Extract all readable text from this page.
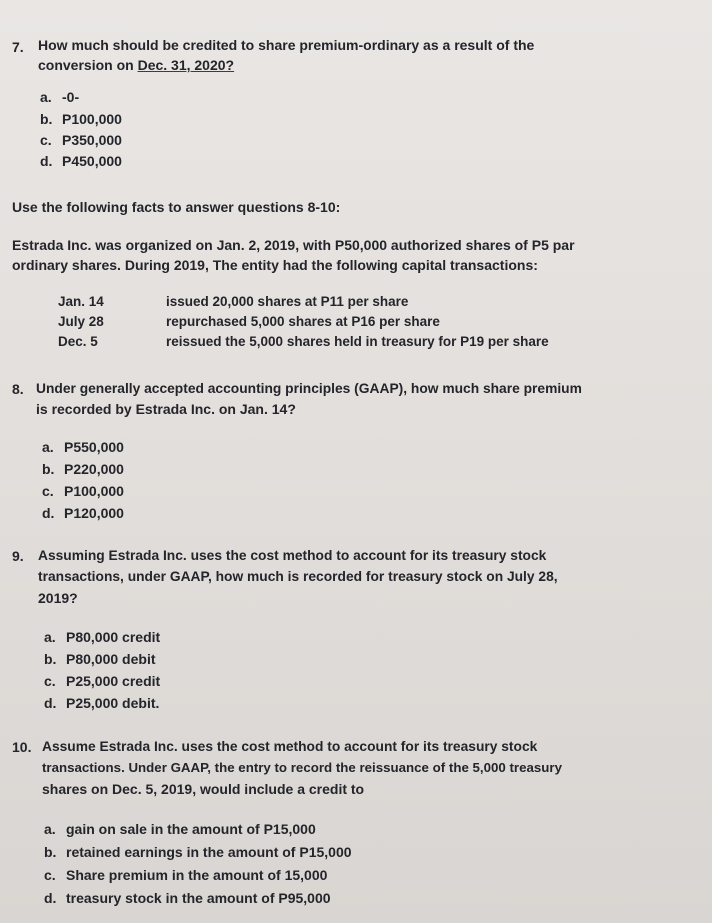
7. How much should be credited to share premium-ordinary as a result of the
conversion on Dec. 31, 2020?
a. -0-
b. P100,000
c. P350,000
d. P450,000
Use the following facts to answer questions 8-10:
Estrada Inc. was organized on Jan. 2, 2019, with P50,000 authorized shares of P5 par
ordinary shares. During 2019, The entity had the following capital transactions:
Jan. 14	issued 20,000 shares at P11 per share
July 28	repurchased 5,000 shares at P16 per share
Dec. 5	reissued the 5,000 shares held in treasury for P19 per share
8. Under generally accepted accounting principles (GAAP), how much share premium
is recorded by Estrada Inc. on Jan. 14?
a. P550,000
b. P220,000
c. P100,000
d. P120,000
9. Assuming Estrada Inc. uses the cost method to account for its treasury stock
transactions, under GAAP, how much is recorded for treasury stock on July 28,
2019?
a. P80,000 credit
b. P80,000 debit
c. P25,000 credit
d. P25,000 debit.
10. Assume Estrada Inc. uses the cost method to account for its treasury stock
transactions. Under GAAP, the entry to record the reissuance of the 5,000 treasury
shares on Dec. 5, 2019, would include a credit to
a. gain on sale in the amount of P15,000
b. retained earnings in the amount of P15,000
c. Share premium in the amount of 15,000
d. treasury stock in the amount of P95,000
